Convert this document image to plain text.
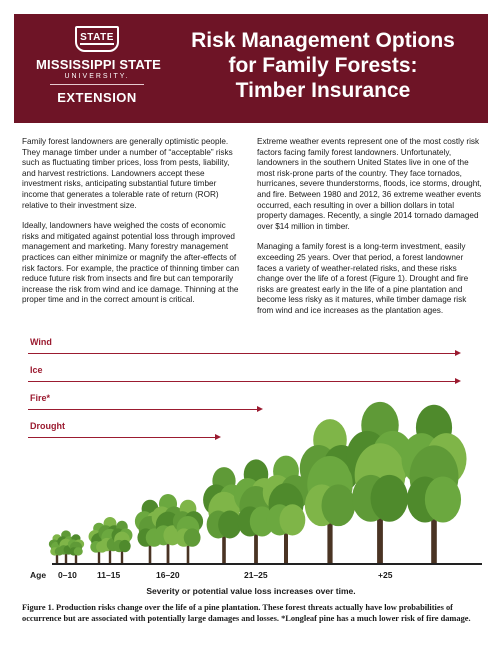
STATE
MISSISSIPPI STATE
UNIVERSITY.
EXTENSION
Risk Management Options
for Family Forests:
Timber Insurance

Family forest landowners are generally optimistic people. They manage timber under a number of “acceptable” risks such as fluctuating timber prices, loss from pests, liability, and harvest restrictions. Landowners accept these investment risks, anticipating substantial future timber income that generates a tolerable rate of return (ROR) relative to their investment size.

Ideally, landowners have weighed the costs of economic risks and mitigated against potential loss through improved management and marketing. Many forestry management practices can either minimize or magnify the after-effects of risk factors. For example, the practice of thinning timber can reduce future risk from insects and fire but can temporarily increase the risk from wind and ice damage. Thinning at the proper time and in the correct amount is critical.

Extreme weather events represent one of the most costly risk factors facing family forest landowners. Unfortunately, landowners in the southern United States live in one of the most risk-prone parts of the country. They face tornados, hurricanes, severe thunderstorms, floods, ice storms, drought, and fire. Between 1980 and 2012, 36 extreme weather events occurred, each resulting in over a billion dollars in total property damages. Recently, a single 2014 tornado damaged over $14 million in timber.

Managing a family forest is a long-term investment, easily exceeding 25 years. Over that period, a forest landowner faces a variety of weather-related risks, and these risks change over the life of a forest (Figure 1). Drought and fire risks are greatest early in the life of a pine plantation and become less risky as it matures, while timber damage risk from wind and ice increases as the plantation ages.

Wind
Ice
Fire*
Drought
Age 0–10 11–15	16–20	21–25	+25
Severity or potential value loss increases over time.
Figure 1. Production risks change over the life of a pine plantation. These forest threats actually have low probabilities of occurrence but are associated with potentially large damages and losses. *Longleaf pine has a much lower risk of fire damage.
